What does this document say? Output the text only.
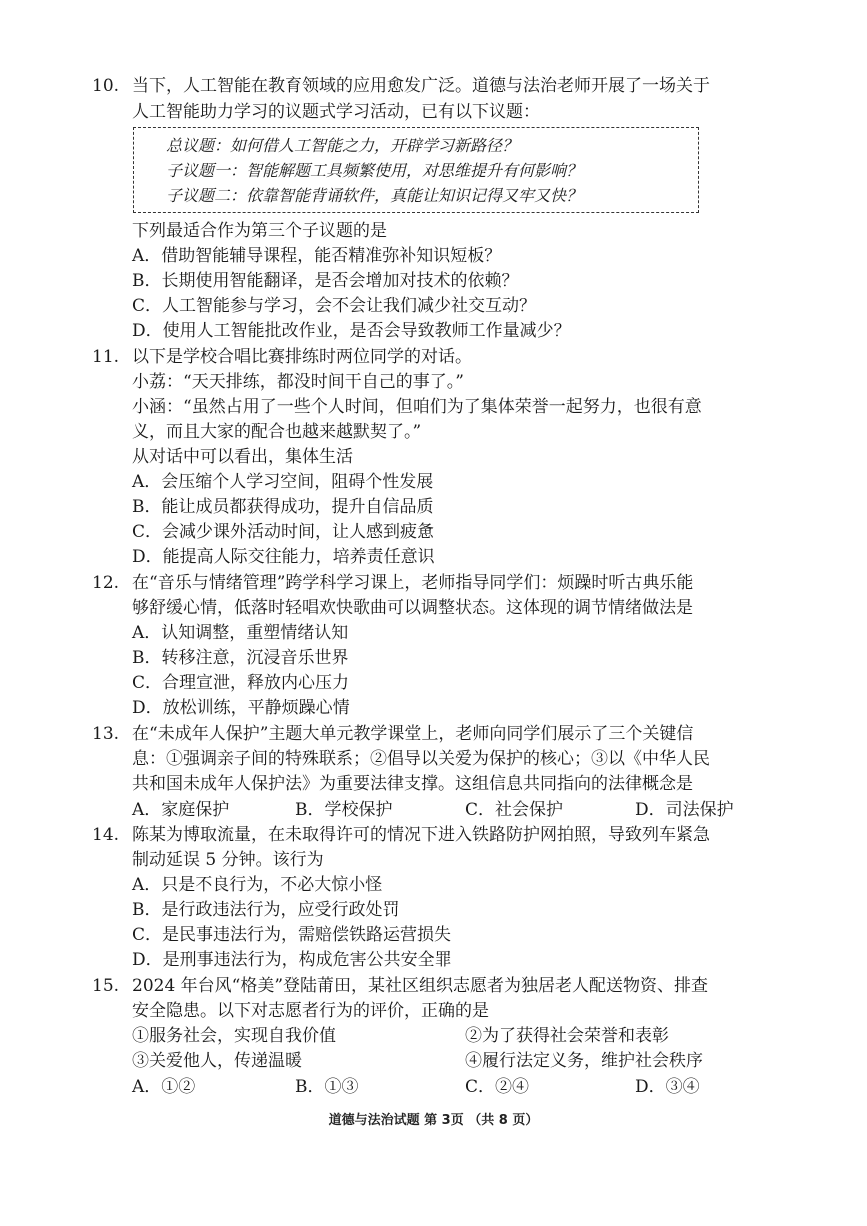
10. 当下，人工智能在教育领域的应用愈发广泛。道德与法治老师开展了一场关于
人工智能助力学习的议题式学习活动，已有以下议题：
总议题：如何借人工智能之力，开辟学习新路径？
子议题一：智能解题工具频繁使用，对思维提升有何影响？
子议题二：依靠智能背诵软件，真能让知识记得又牢又快？
下列最适合作为第三个子议题的是
A．借助智能辅导课程，能否精准弥补知识短板？
B．长期使用智能翻译，是否会增加对技术的依赖？
C．人工智能参与学习，会不会让我们减少社交互动？
D．使用人工智能批改作业，是否会导致教师工作量减少？
11. 以下是学校合唱比赛排练时两位同学的对话。
小荔：“天天排练，都没时间干自己的事了。”
小涵：“虽然占用了一些个人时间，但咱们为了集体荣誉一起努力，也很有意
义，而且大家的配合也越来越默契了。”
从对话中可以看出，集体生活
A．会压缩个人学习空间，阻碍个性发展
B．能让成员都获得成功，提升自信品质
C．会减少课外活动时间，让人感到疲惫
D．能提高人际交往能力，培养责任意识
12. 在“音乐与情绪管理”跨学科学习课上，老师指导同学们：烦躁时听古典乐能
够舒缓心情，低落时轻唱欢快歌曲可以调整状态。这体现的调节情绪做法是
A．认知调整，重塑情绪认知
B．转移注意，沉浸音乐世界
C．合理宣泄，释放内心压力
D．放松训练，平静烦躁心情
13. 在“未成年人保护”主题大单元教学课堂上，老师向同学们展示了三个关键信
息：①强调亲子间的特殊联系；②倡导以关爱为保护的核心；③以《中华人民
共和国未成年人保护法》为重要法律支撑。这组信息共同指向的法律概念是
A．家庭保护	B．学校保护	C．社会保护	D．司法保护
14. 陈某为博取流量，在未取得许可的情况下进入铁路防护网拍照，导致列车紧急
制动延误 5 分钟。该行为
A．只是不良行为，不必大惊小怪
B．是行政违法行为，应受行政处罚
C．是民事违法行为，需赔偿铁路运营损失
D．是刑事违法行为，构成危害公共安全罪
15. 2024 年台风“格美”登陆莆田，某社区组织志愿者为独居老人配送物资、排查
安全隐患。以下对志愿者行为的评价，正确的是
①服务社会，实现自我价值	②为了获得社会荣誉和表彰
③关爱他人，传递温暖	④履行法定义务，维护社会秩序
A．①②	B．①③	C．②④	D．③④
道德与法治试题 第 3页 （共 8 页）
